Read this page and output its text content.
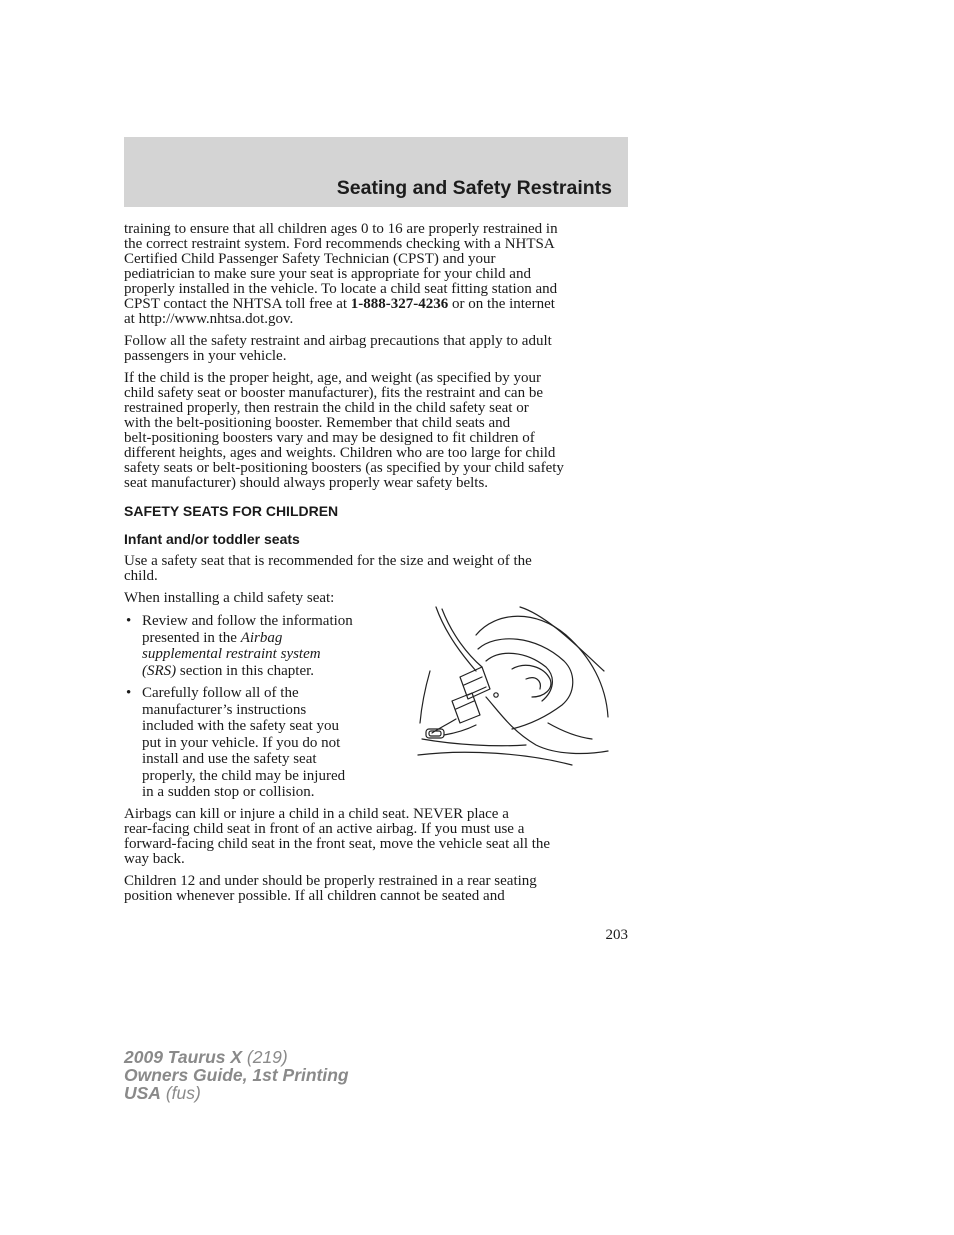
Seating and Safety Restraints

training to ensure that all children ages 0 to 16 are properly restrained in
the correct restraint system. Ford recommends checking with a NHTSA
Certified Child Passenger Safety Technician (CPST) and your
pediatrician to make sure your seat is appropriate for your child and
properly installed in the vehicle. To locate a child seat fitting station and
CPST contact the NHTSA toll free at 1-888-327-4236 or on the internet
at http://www.nhtsa.dot.gov.

Follow all the safety restraint and airbag precautions that apply to adult
passengers in your vehicle.

If the child is the proper height, age, and weight (as specified by your
child safety seat or booster manufacturer), fits the restraint and can be
restrained properly, then restrain the child in the child safety seat or
with the belt-positioning booster. Remember that child seats and
belt-positioning boosters vary and may be designed to fit children of
different heights, ages and weights. Children who are too large for child
safety seats or belt-positioning boosters (as specified by your child safety
seat manufacturer) should always properly wear safety belts.

SAFETY SEATS FOR CHILDREN
Infant and/or toddler seats

Use a safety seat that is recommended for the size and weight of the
child.

When installing a child safety seat:

• Review and follow the information
presented in the Airbag
supplemental restraint system
(SRS) section in this chapter.
• Carefully follow all of the
manufacturer’s instructions
included with the safety seat you
put in your vehicle. If you do not
install and use the safety seat
properly, the child may be injured
in a sudden stop or collision.

Airbags can kill or injure a child in a child seat. NEVER place a
rear-facing child seat in front of an active airbag. If you must use a
forward-facing child seat in the front seat, move the vehicle seat all the
way back.

Children 12 and under should be properly restrained in a rear seating
position whenever possible. If all children cannot be seated and

203
2009 Taurus X (219)
Owners Guide, 1st Printing
USA (fus)
